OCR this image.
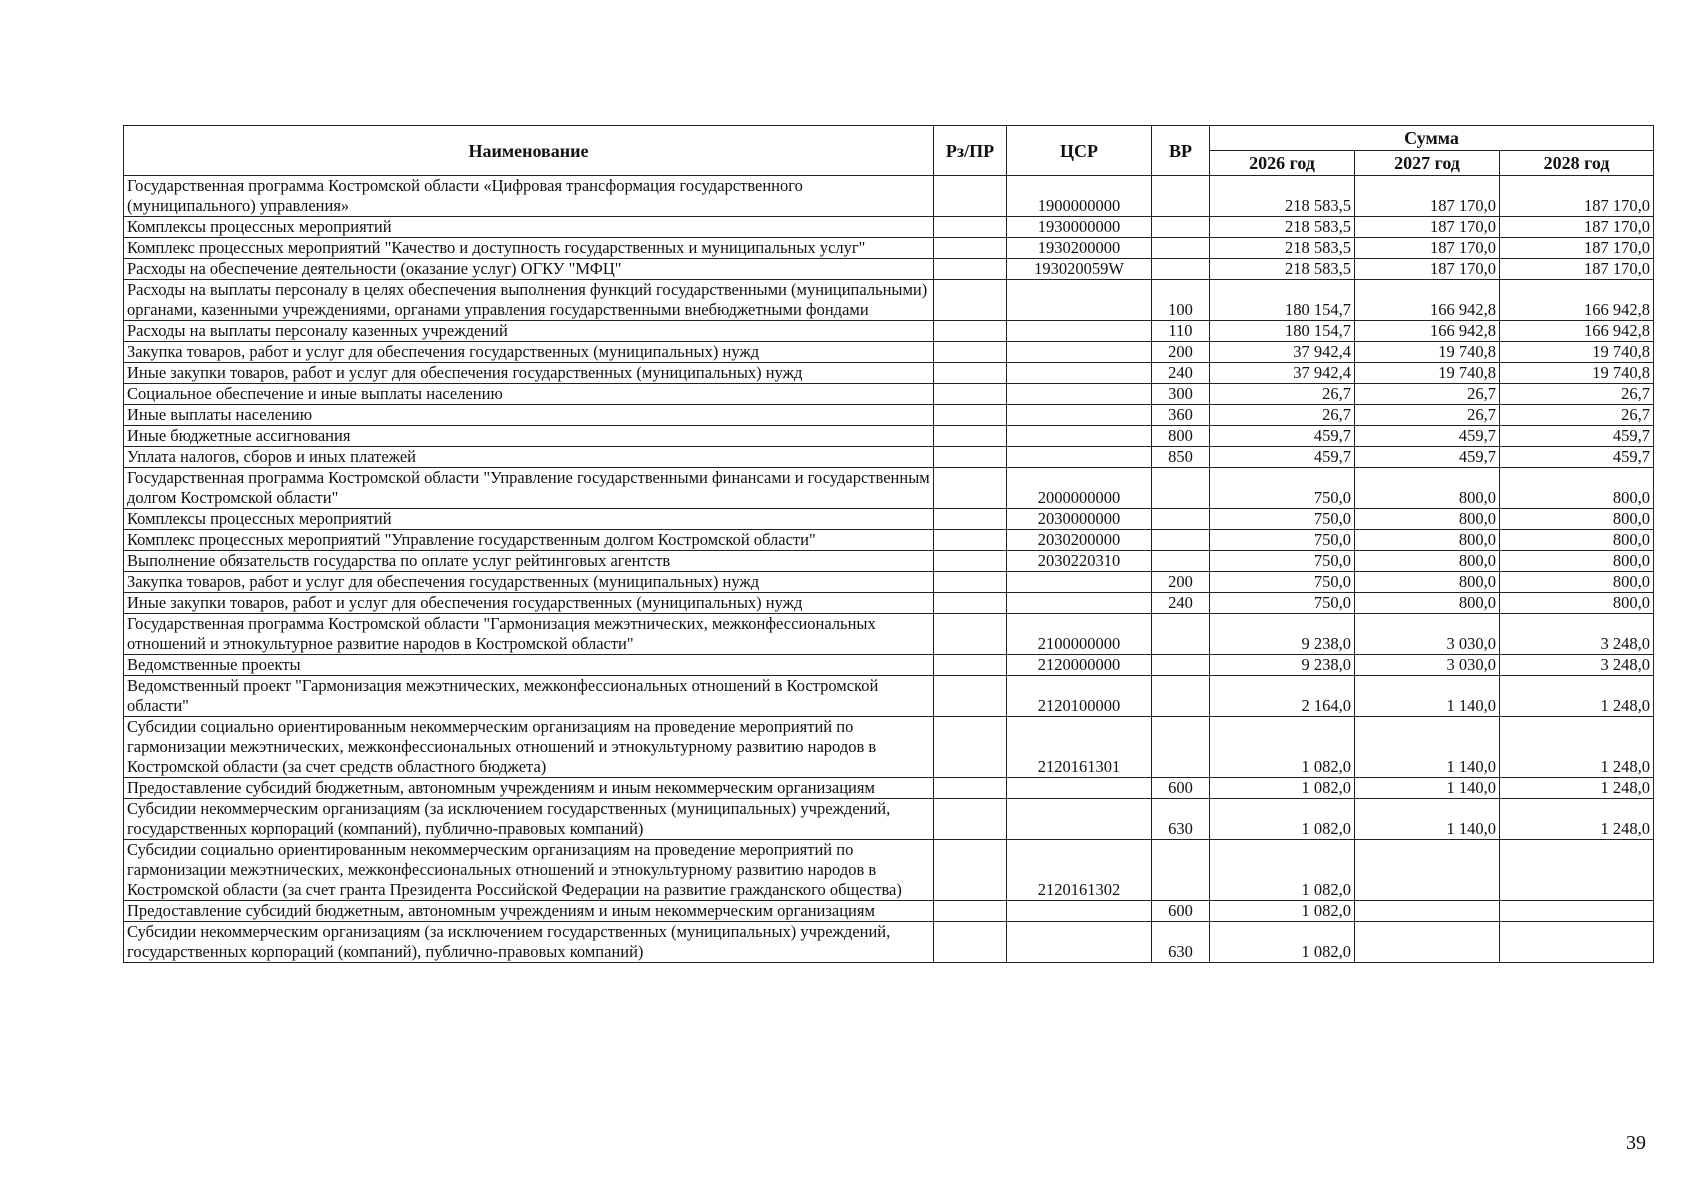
Наименование	Рз/ПР	ЦСР	ВР	Сумма		
				2026 год	2027 год	2028 год
Государственная программа Костромской области «Цифровая трансформация государственного (муниципального) управления»		1900000000		218 583,5	187 170,0	187 170,0
Комплексы процессных мероприятий		1930000000		218 583,5	187 170,0	187 170,0
Комплекс процессных мероприятий "Качество и доступность государственных и муниципальных услуг"		1930200000		218 583,5	187 170,0	187 170,0
Расходы на обеспечение деятельности (оказание услуг) ОГКУ "МФЦ"		193020059W		218 583,5	187 170,0	187 170,0
Расходы на выплаты персоналу в целях обеспечения выполнения функций государственными (муниципальными) органами, казенными учреждениями, органами управления государственными внебюджетными фондами			100	180 154,7	166 942,8	166 942,8
Расходы на выплаты персоналу казенных учреждений			110	180 154,7	166 942,8	166 942,8
Закупка товаров, работ и услуг для обеспечения государственных (муниципальных) нужд			200	37 942,4	19 740,8	19 740,8
Иные закупки товаров, работ и услуг для обеспечения государственных (муниципальных) нужд			240	37 942,4	19 740,8	19 740,8
Социальное обеспечение и иные выплаты населению			300	26,7	26,7	26,7
Иные выплаты населению			360	26,7	26,7	26,7
Иные бюджетные ассигнования			800	459,7	459,7	459,7
Уплата налогов, сборов и иных платежей			850	459,7	459,7	459,7
Государственная программа Костромской области "Управление государственными финансами и государственным долгом Костромской области"		2000000000		750,0	800,0	800,0
Комплексы процессных мероприятий		2030000000		750,0	800,0	800,0
Комплекс процессных мероприятий "Управление государственным долгом Костромской области"		2030200000		750,0	800,0	800,0
Выполнение обязательств государства по оплате услуг рейтинговых агентств		2030220310		750,0	800,0	800,0
Закупка товаров, работ и услуг для обеспечения государственных (муниципальных) нужд			200	750,0	800,0	800,0
Иные закупки товаров, работ и услуг для обеспечения государственных (муниципальных) нужд			240	750,0	800,0	800,0
Государственная программа Костромской области "Гармонизация межэтнических, межконфессиональных отношений и этнокультурное развитие народов в Костромской области"		2100000000		9 238,0	3 030,0	3 248,0
Ведомственные проекты		2120000000		9 238,0	3 030,0	3 248,0
Ведомственный проект "Гармонизация межэтнических, межконфессиональных отношений в Костромской области"		2120100000		2 164,0	1 140,0	1 248,0
Субсидии социально ориентированным некоммерческим организациям на проведение мероприятий по гармонизации межэтнических, межконфессиональных отношений и этнокультурному развитию народов в Костромской области (за счет средств областного бюджета)		2120161301		1 082,0	1 140,0	1 248,0
Предоставление субсидий бюджетным, автономным учреждениям и иным некоммерческим организациям			600	1 082,0	1 140,0	1 248,0
Субсидии некоммерческим организациям (за исключением государственных (муниципальных) учреждений, государственных корпораций (компаний), публично-правовых компаний)			630	1 082,0	1 140,0	1 248,0
Субсидии социально ориентированным некоммерческим организациям на проведение мероприятий по гармонизации межэтнических, межконфессиональных отношений и этнокультурному развитию народов в Костромской области (за счет гранта Президента Российской Федерации на развитие гражданского общества)		2120161302		1 082,0		
Предоставление субсидий бюджетным, автономным учреждениям и иным некоммерческим организациям			600	1 082,0		
Субсидии некоммерческим организациям (за исключением государственных (муниципальных) учреждений, государственных корпораций (компаний), публично-правовых компаний)			630	1 082,0		
39
